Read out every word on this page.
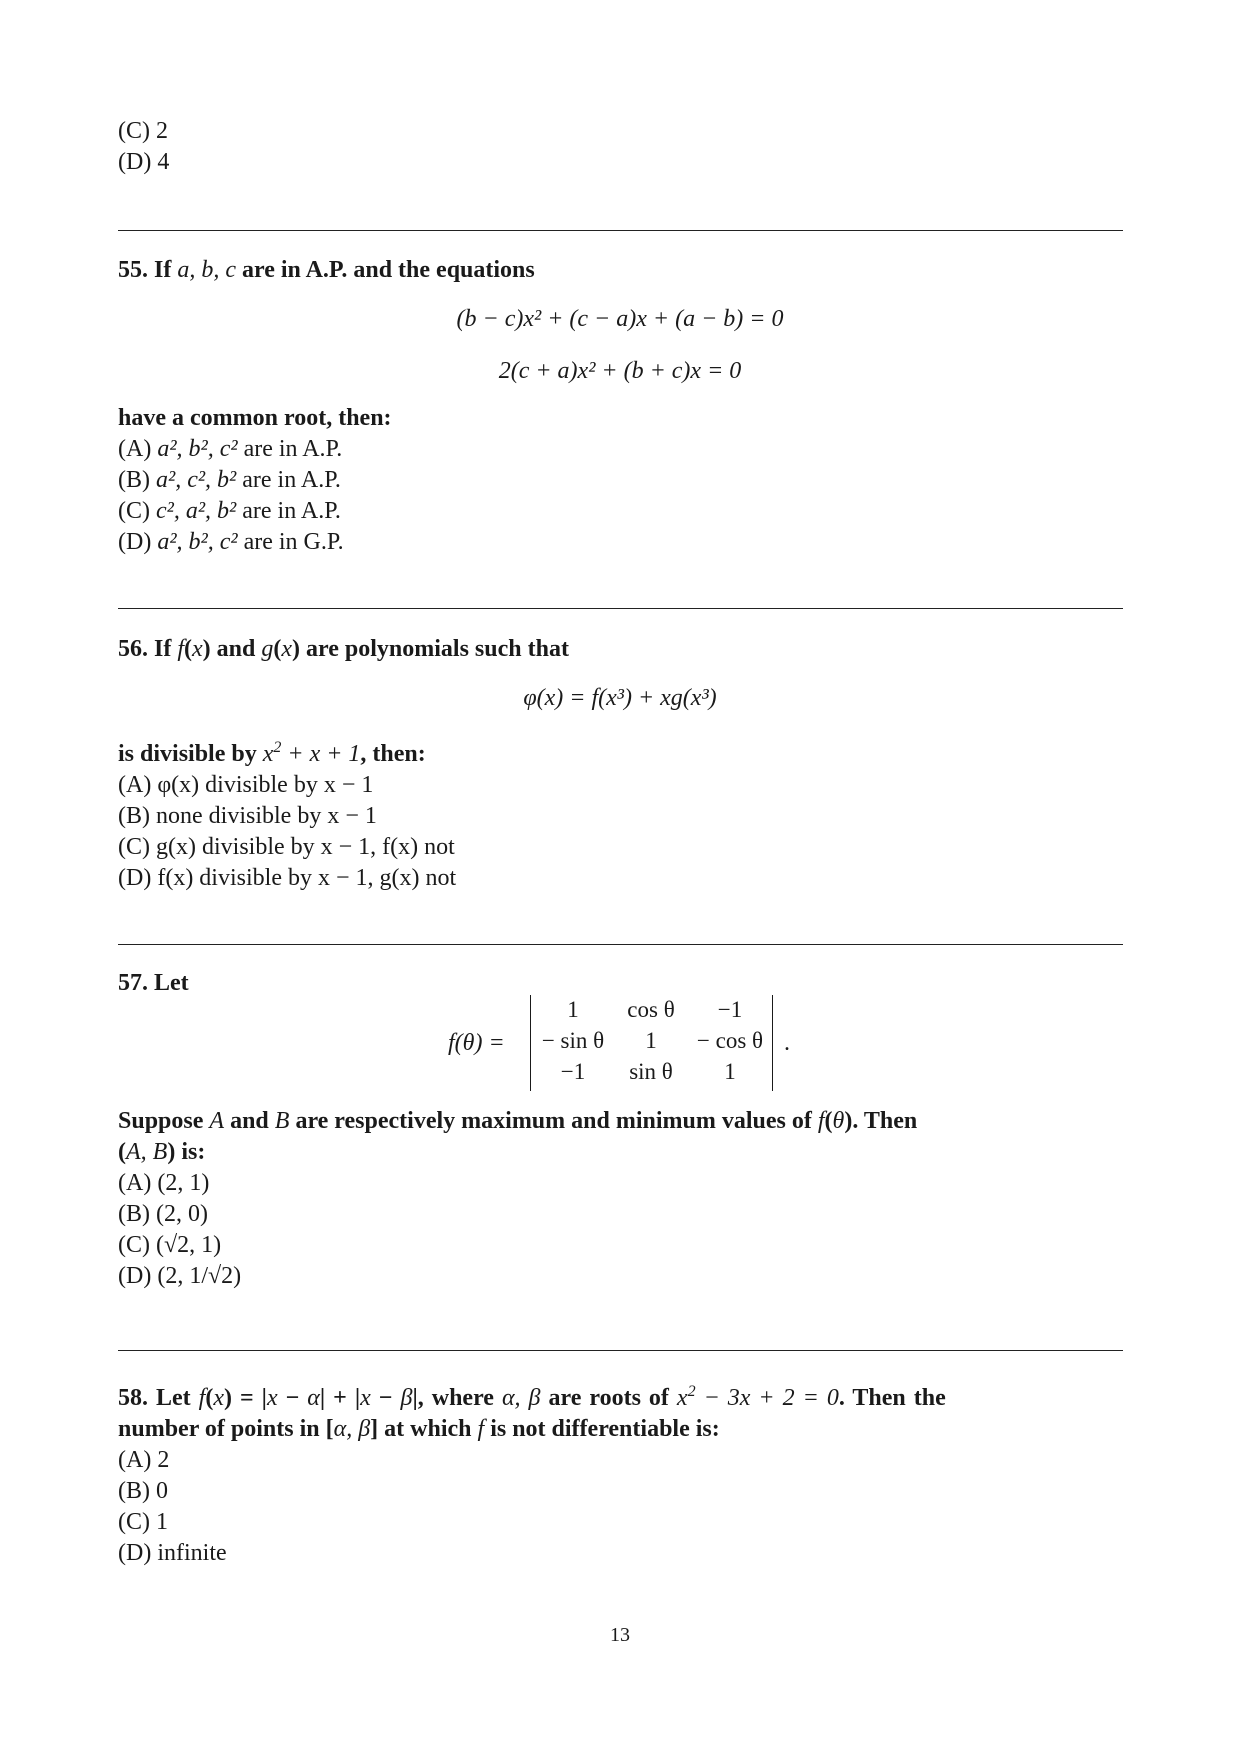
(C) 2
(D) 4
55. If a, b, c are in A.P. and the equations
(b − c)x² + (c − a)x + (a − b) = 0
2(c + a)x² + (b + c)x = 0
have a common root, then:
(A) a², b², c² are in A.P.
(B) a², c², b² are in A.P.
(C) c², a², b² are in A.P.
(D) a², b², c² are in G.P.
56. If f(x) and g(x) are polynomials such that
φ(x) = f(x³) + xg(x³)
is divisible by $x^2 + x + 1$, then:
(A) φ(x) divisible by x − 1
(B) none divisible by x − 1
(C) g(x) divisible by x − 1, f(x) not
(D) f(x) divisible by x − 1, g(x) not
57. Let
f(θ) =
1	cos θ	−1
− sin θ	1	− cos θ
−1	sin θ	1
.
Suppose A and B are respectively maximum and minimum values of f(θ). Then
(A, B) is:
(A) (2, 1)
(B) (2, 0)
(C) (√2, 1)
(D) (2, 1/√2)
58. Let f(x) = |x − α| + |x − β|, where α, β are roots of $x^2 - 3x + 2 = 0$. Then the
number of points in [α, β] at which f is not differentiable is:
(A) 2
(B) 0
(C) 1
(D) infinite
13
